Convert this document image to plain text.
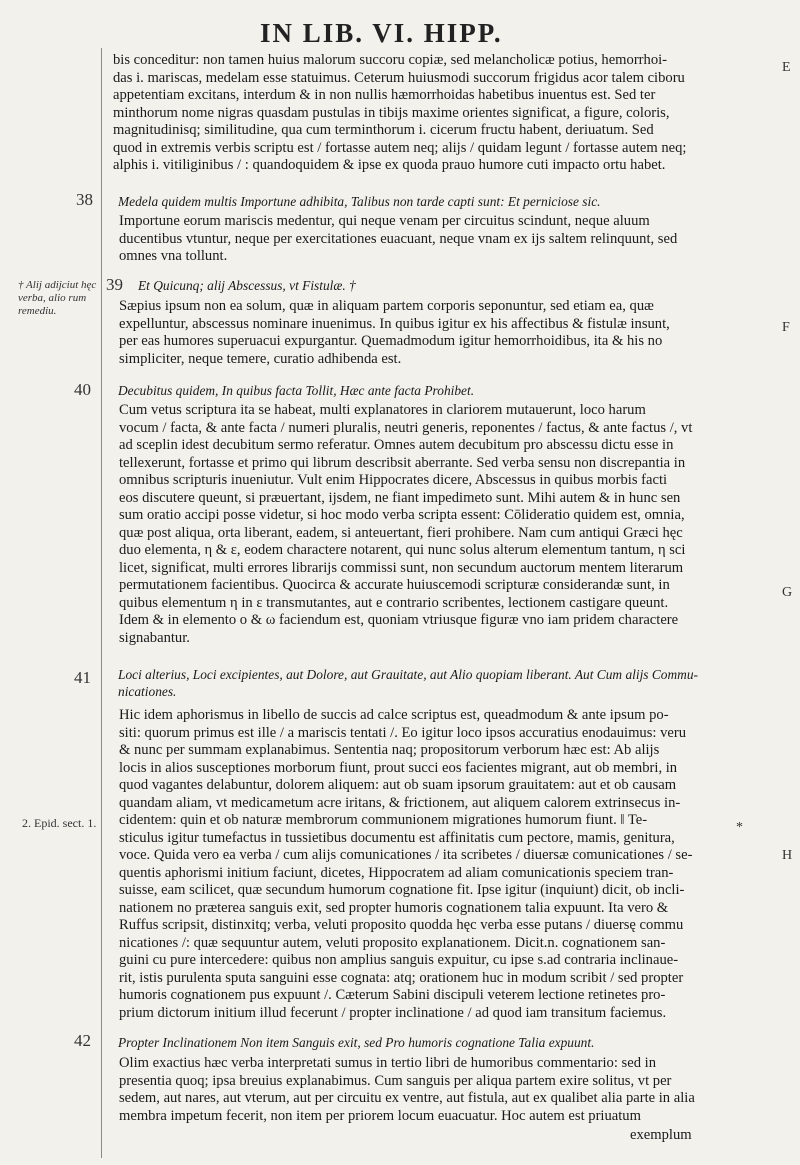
IN LIB. VI. HIPP.
bis conceditur: non tamen huius malorum succoru copiæ, sed melancholicæ potius, hemorrhoi-
das i. mariscas, medelam esse statuimus. Ceterum huiusmodi succorum frigidus acor talem ciboru
appetentiam excitans, interdum & in non nullis hæmorrhoidas habetibus inuentus est. Sed ter
minthorum nome nigras quasdam pustulas in tibijs maxime orientes significat, a figure, coloris,
magnitudinisq; similitudine, qua cum terminthorum i. cicerum fructu habent, deriuatum. Sed
quod in extremis verbis scriptu est / fortasse autem neq; alijs / quidam legunt / fortasse autem neq;
alphis i. vitiliginibus / : quandoquidem & ipse ex quoda prauo humore cuti impacto ortu habet.
38 Medela quidem multis Importune adhibita, Talibus non tarde capti sunt: Et perniciose sic.
Importune eorum mariscis medentur, qui neque venam per circuitus scindunt, neque aluum
ducentibus vtuntur, neque per exercitationes euacuant, neque vnam ex ijs saltem relinquunt, sed
omnes vna tollunt.
† Alij adijciut hęc verba, alio rum remediu.
39 Et Quicunq; alij Abscessus, vt Fistulæ. †
Sæpius ipsum non ea solum, quæ in aliquam partem corporis seponuntur, sed etiam ea, quæ
expelluntur, abscessus nominare inuenimus. In quibus igitur ex his affectibus & fistulæ insunt,
per eas humores superuacui expurgantur. Quemadmodum igitur hemorrhoidibus, ita & his no
simpliciter, neque temere, curatio adhibenda est.
40 Decubitus quidem, In quibus facta Tollit, Hæc ante facta Prohibet.
Cum vetus scriptura ita se habeat, multi explanatores in clariorem mutauerunt, loco harum
vocum / facta, & ante facta / numeri pluralis, neutri generis, reponentes / factus, & ante factus /, vt
ad sceplin idest decubitum sermo referatur. Omnes autem decubitum pro abscessu dictu esse in
tellexerunt, fortasse et primo qui librum describsit aberrante. Sed verba sensu non discrepantia in
omnibus scripturis inueniutur. Vult enim Hippocrates dicere, Abscessus in quibus morbis facti
eos discutere queunt, si præuertant, ijsdem, ne fiant impedimeto sunt. Mihi autem & in hunc sen
sum oratio accipi posse videtur, si hoc modo verba scripta essent: Cōlideratio quidem est, omnia,
quæ post aliqua, orta liberant, eadem, si anteuertant, fieri prohibere. Nam cum antiqui Græci hęc
duo elementa, η & ε, eodem charactere notarent, qui nunc solus alterum elementum tantum, η sci
licet, significat, multi errores librarijs commissi sunt, non secundum auctorum mentem literarum
permutationem facientibus. Quocirca & accurate huiuscemodi scripturæ considerandæ sunt, in
quibus elementum η in ε transmutantes, aut e contrario scribentes, lectionem castigare queunt.
Idem & in elemento ο & ω faciendum est, quoniam vtriusque figuræ vno iam pridem charactere
signabantur.
41 Loci alterius, Loci excipientes, aut Dolore, aut Grauitate, aut Alio quopiam liberant. Aut Cum alijs Commu-
nicationes.
2. Epid. sect. 1.
Hic idem aphorismus in libello de succis ad calce scriptus est, queadmodum & ante ipsum po-
siti: quorum primus est ille / a mariscis tentati /. Eo igitur loco ipsos accuratius enodauimus: veru
& nunc per summam explanabimus. Sententia naq; propositorum verborum hæc est: Ab alijs
locis in alios susceptiones morborum fiunt, prout succi eos facientes migrant, aut ob membri, in
quod vagantes delabuntur, dolorem aliquem: aut ob suam ipsorum grauitatem: aut et ob causam
quandam aliam, vt medicametum acre iritans, & frictionem, aut aliquem calorem extrinsecus in-
cidentem: quin et ob naturæ membrorum communionem migrationes humorum fiunt. ‖ Te-
sticulus igitur tumefactus in tussietibus documentu est affinitatis cum pectore, mamis, genitura,
voce. Quida vero ea verba / cum alijs comunicationes / ita scribetes / diuersæ comunicationes / se-
quentis aphorismi initium faciunt, dicetes, Hippocratem ad aliam comunicationis speciem tran-
suisse, eam scilicet, quæ secundum humorum cognatione fit. Ipse igitur (inquiunt) dicit, ob incli-
nationem no præterea sanguis exit, sed propter humoris cognationem talia expuunt. Ita vero &
Ruffus scripsit, distinxitq; verba, veluti proposito quodda hęc verba esse putans / diuersę commu
nicationes /: quæ sequuntur autem, veluti proposito explanationem. Dicit.n. cognationem san-
guini cu pure intercedere: quibus non amplius sanguis expuitur, cu ipse s.ad contraria inclinaue-
rit, istis purulenta sputa sanguini esse cognata: atq; orationem huc in modum scribit / sed propter
humoris cognationem pus expuunt /. Cæterum Sabini discipuli veterem lectione retinetes pro-
prium dictorum initium illud fecerunt / propter inclinatione / ad quod iam transitum faciemus.
42 Propter Inclinationem Non item Sanguis exit, sed Pro humoris cognatione Talia expuunt.
Olim exactius hæc verba interpretati sumus in tertio libri de humoribus commentario: sed in
presentia quoq; ipsa breuius explanabimus. Cum sanguis per aliqua partem exire solitus, vt per
sedem, aut nares, aut vterum, aut per circuitu ex ventre, aut fistula, aut ex qualibet alia parte in alia
membra impetum fecerit, non item per priorem locum euacuatur. Hoc autem est priuatum
exemplum
E
F
G
H
*
